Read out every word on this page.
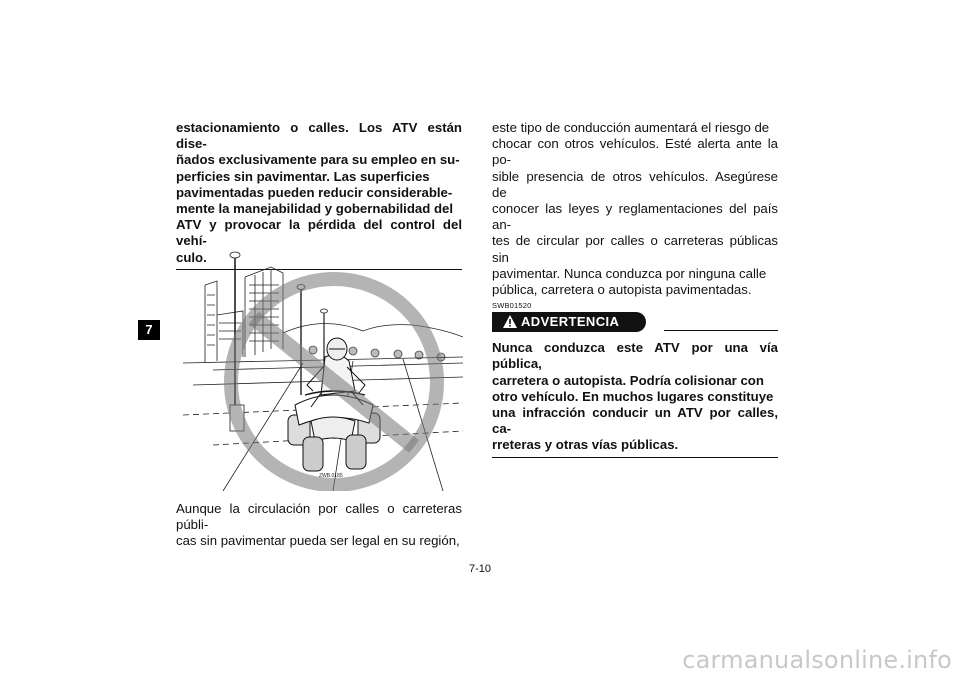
7

estacionamiento o calles. Los ATV están dise-
ñados exclusivamente para su empleo en su-
perficies sin pavimentar. Las superficies
pavimentadas pueden reducir considerable-
mente la manejabilidad y gobernabilidad del
ATV y provocar la pérdida del control del vehí-
culo.

ZWB.0185

Aunque la circulación por calles o carreteras públi-
cas sin pavimentar pueda ser legal en su región,

este tipo de conducción aumentará el riesgo de
chocar con otros vehículos. Esté alerta ante la po-
sible presencia de otros vehículos. Asegúrese de
conocer las leyes y reglamentaciones del país an-
tes de circular por calles o carreteras públicas sin
pavimentar. Nunca conduzca por ninguna calle
pública, carretera o autopista pavimentadas.

SWB01520
ADVERTENCIA

Nunca conduzca este ATV por una vía pública,
carretera o autopista. Podría colisionar con
otro vehículo. En muchos lugares constituye
una infracción conducir un ATV por calles, ca-
rreteras y otras vías públicas.

7-10
carmanualsonline.info
